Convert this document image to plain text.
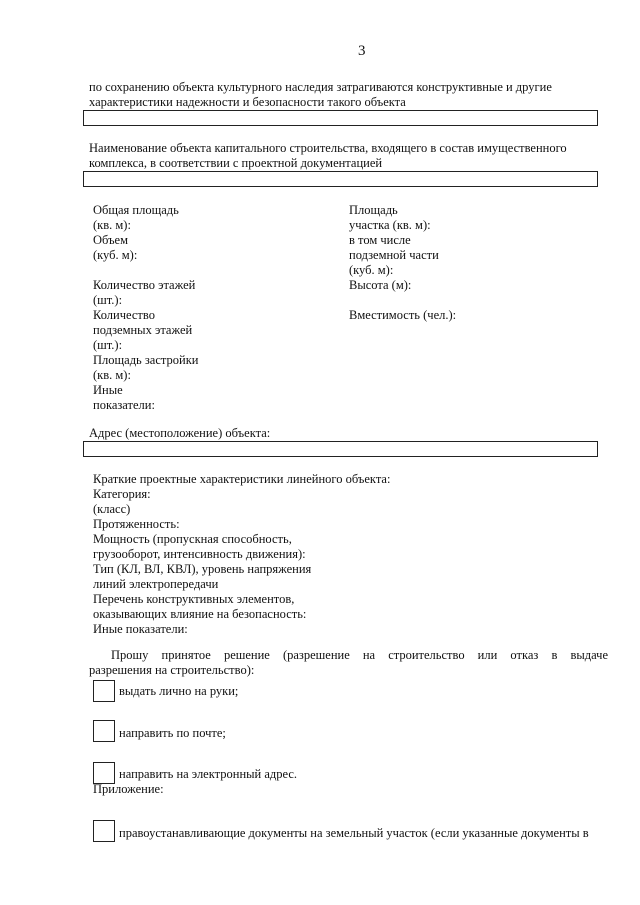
3
по сохранению объекта культурного наследия затрагиваются конструктивные и другие
характеристики надежности и безопасности такого объекта
Наименование объекта капитального строительства, входящего в состав имущественного
комплекса, в соответствии с проектной документацией
Общая площадь
(кв. м):
Объем
(куб. м):
Количество этажей
(шт.):
Количество
подземных этажей
(шт.):
Площадь застройки
(кв. м):
Иные
показатели:
Площадь
участка (кв. м):
в том числе
подземной части
(куб. м):
Высота (м):
Вместимость (чел.):
Адрес (местоположение) объекта:
Краткие проектные характеристики линейного объекта:
Категория:
(класс)
Протяженность:
Мощность (пропускная способность,
грузооборот, интенсивность движения):
Тип (КЛ, ВЛ, КВЛ), уровень напряжения
линий электропередачи
Перечень конструктивных элементов,
оказывающих влияние на безопасность:
Иные показатели:
Прошу принятое решение (разрешение на строительство или отказ в выдаче
разрешения на строительство):
выдать лично на руки;
направить по почте;
направить на электронный адрес.
Приложение:
правоустанавливающие документы на земельный участок (если указанные документы в
